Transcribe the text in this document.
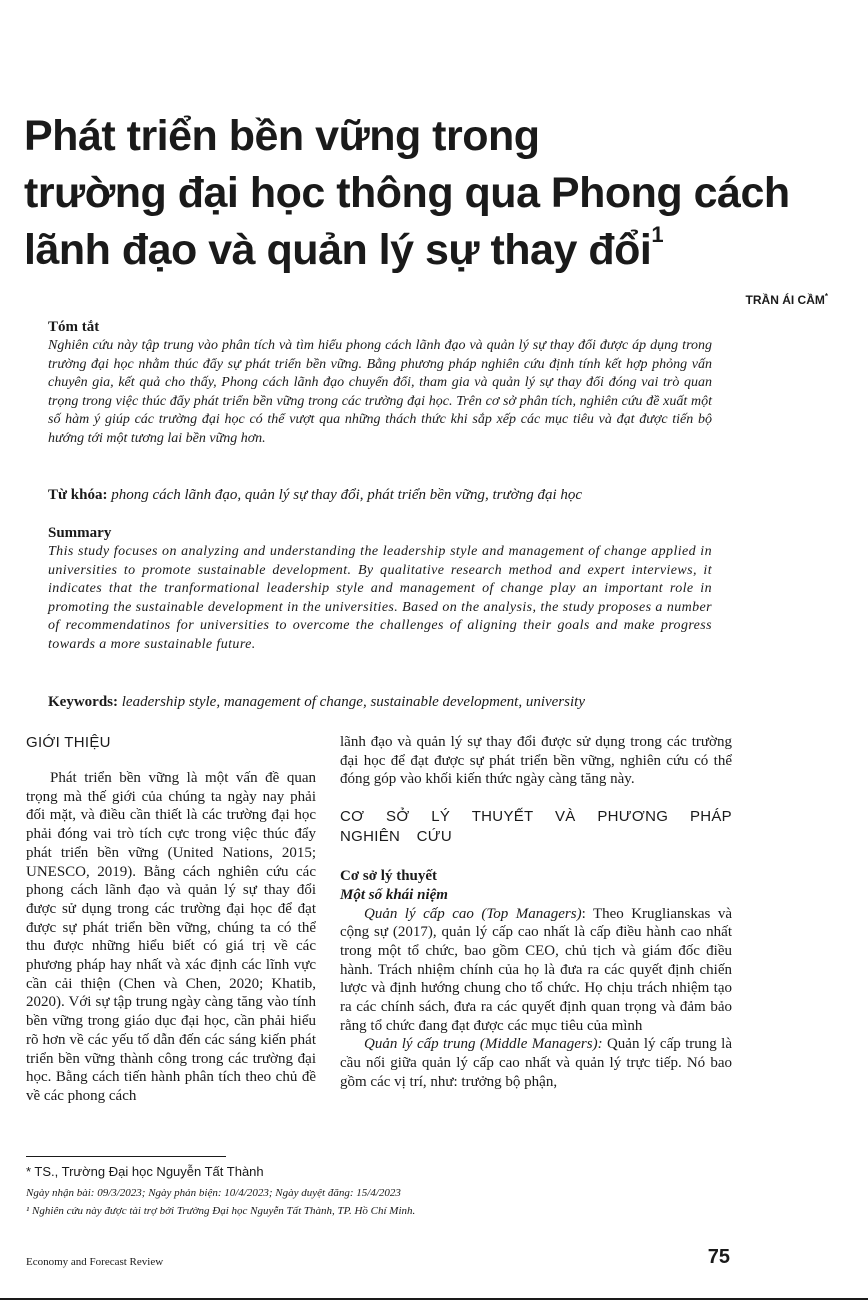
Phát triển bền vững trong
trường đại học thông qua Phong cách
lãnh đạo và quản lý sự thay đổi$^1$
TRẦN ÁI CẦM*
Tóm tắt

Nghiên cứu này tập trung vào phân tích và tìm hiểu phong cách lãnh đạo và quản lý sự thay đổi được áp dụng trong trường đại học nhằm thúc đẩy sự phát triển bền vững. Bằng phương pháp nghiên cứu định tính kết hợp phỏng vấn chuyên gia, kết quả cho thấy, Phong cách lãnh đạo chuyển đổi, tham gia và quản lý sự thay đổi đóng vai trò quan trọng trong việc thúc đẩy phát triển bền vững trong các trường đại học. Trên cơ sở phân tích, nghiên cứu đề xuất một số hàm ý giúp các trường đại học có thể vượt qua những thách thức khi sắp xếp các mục tiêu và đạt được tiến bộ hướng tới một tương lai bền vững hơn.

Từ khóa: phong cách lãnh đạo, quản lý sự thay đổi, phát triển bền vững, trường đại học
Summary

This study focuses on analyzing and understanding the leadership style and management of change applied in universities to promote sustainable development. By qualitative research method and expert interviews, it indicates that the tranformational leadership style and management of change play an important role in promoting the sustainable development in the universities. Based on the analysis, the study proposes a number of recommendatinos for universities to overcome the challenges of aligning their goals and make progress towards a more sustainable future.

Keywords: leadership style, management of change, sustainable development, university
GIỚI THIỆU

Phát triển bền vững là một vấn đề quan trọng mà thế giới của chúng ta ngày nay phải đối mặt, và điều cần thiết là các trường đại học phải đóng vai trò tích cực trong việc thúc đẩy phát triển bền vững (United Nations, 2015; UNESCO, 2019). Bằng cách nghiên cứu các phong cách lãnh đạo và quản lý sự thay đổi được sử dụng trong các trường đại học để đạt được sự phát triển bền vững, chúng ta có thể thu được những hiểu biết có giá trị về các phương pháp hay nhất và xác định các lĩnh vực cần cải thiện (Chen và Chen, 2020; Khatib, 2020). Với sự tập trung ngày càng tăng vào tính bền vững trong giáo dục đại học, cần phải hiểu rõ hơn về các yếu tố dẫn đến các sáng kiến phát triển bền vững thành công trong các trường đại học. Bằng cách tiến hành phân tích theo chủ đề về các phong cách

lãnh đạo và quản lý sự thay đổi được sử dụng trong các trường đại học để đạt được sự phát triển bền vững, nghiên cứu có thể đóng góp vào khối kiến thức ngày càng tăng này.

CƠ SỞ LÝ THUYẾT VÀ PHƯƠNG PHÁP NGHIÊN CỨU

Cơ sở lý thuyết

Một số khái niệm

Quản lý cấp cao (Top Managers): Theo Kruglianskas và cộng sự (2017), quản lý cấp cao nhất là cấp điều hành cao nhất trong một tổ chức, bao gồm CEO, chủ tịch và giám đốc điều hành. Trách nhiệm chính của họ là đưa ra các quyết định chiến lược và định hướng chung cho tổ chức. Họ chịu trách nhiệm tạo ra các chính sách, đưa ra các quyết định quan trọng và đảm bảo rằng tổ chức đang đạt được các mục tiêu của mình

Quản lý cấp trung (Middle Managers): Quản lý cấp trung là cầu nối giữa quản lý cấp cao nhất và quản lý trực tiếp. Nó bao gồm các vị trí, như: trưởng bộ phận,

* TS., Trường Đại học Nguyễn Tất Thành
Ngày nhận bài: 09/3/2023; Ngày phản biện: 10/4/2023; Ngày duyệt đăng: 15/4/2023
¹ Nghiên cứu này được tài trợ bởi Trường Đại học Nguyễn Tất Thành, TP. Hồ Chí Minh.
Economy and Forecast Review	75
